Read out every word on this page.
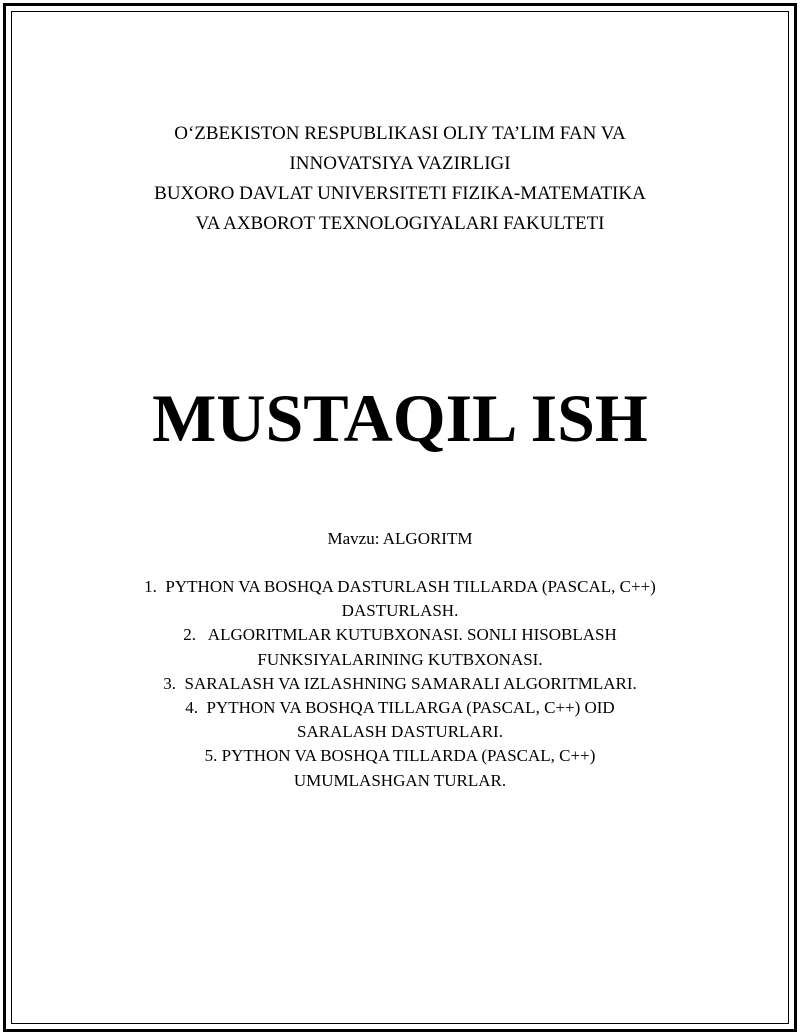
O‘ZBEKISTON RESPUBLIKASI OLIY TA’LIM FAN VA
INNOVATSIYA VAZIRLIGI
BUXORO DAVLAT UNIVERSITETI FIZIKA-MATEMATIKA
VA AXBOROT TEXNOLOGIYALARI FAKULTETI
MUSTAQIL ISH
Mavzu: ALGORITM
1.  PYTHON VA BOSHQA DASTURLASH TILLARDA (PASCAL, C++)
DASTURLASH.
2.   ALGORITMLAR KUTUBXONASI. SONLI HISOBLASH
FUNKSIYALARINING KUTBXONASI.
3.  SARALASH VA IZLASHNING SAMARALI ALGORITMLARI.
4.  PYTHON VA BOSHQA TILLARGA (PASCAL, C++) OID
SARALASH DASTURLARI.
5. PYTHON VA BOSHQA TILLARDA (PASCAL, C++)
UMUMLASHGAN TURLAR.
